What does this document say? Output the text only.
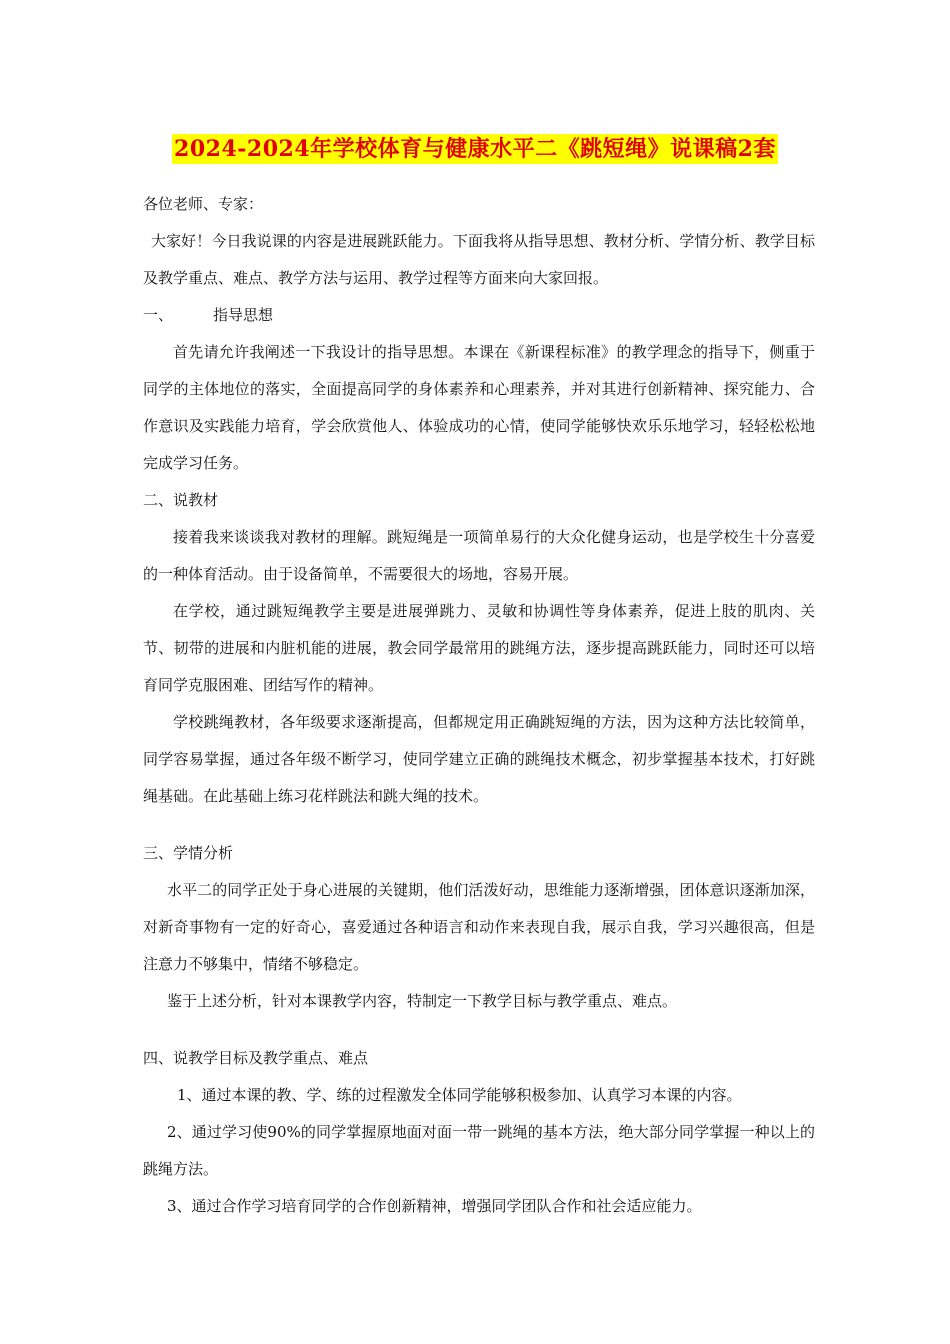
2024-2024年学校体育与健康水平二《跳短绳》说课稿2套

各位老师、专家：

大家好！今日我说课的内容是进展跳跃能力。下面我将从指导思想、教材分析、学情分析、教学目标及教学重点、难点、教学方法与运用、教学过程等方面来向大家回报。

一、	指导思想

首先请允许我阐述一下我设计的指导思想。本课在《新课程标准》的教学理念的指导下，侧重于同学的主体地位的落实，全面提高同学的身体素养和心理素养，并对其进行创新精神、探究能力、合作意识及实践能力培育，学会欣赏他人、体验成功的心情，使同学能够快欢乐乐地学习，轻轻松松地完成学习任务。

二、说教材

接着我来谈谈我对教材的理解。跳短绳是一项简单易行的大众化健身运动，也是学校生十分喜爱的一种体育活动。由于设备简单，不需要很大的场地，容易开展。

在学校，通过跳短绳教学主要是进展弹跳力、灵敏和协调性等身体素养，促进上肢的肌肉、关节、韧带的进展和内脏机能的进展，教会同学最常用的跳绳方法，逐步提高跳跃能力，同时还可以培育同学克服困难、团结写作的精神。

学校跳绳教材，各年级要求逐渐提高，但都规定用正确跳短绳的方法，因为这种方法比较简单，同学容易掌握，通过各年级不断学习，使同学建立正确的跳绳技术概念，初步掌握基本技术，打好跳绳基础。在此基础上练习花样跳法和跳大绳的技术。

三、学情分析

水平二的同学正处于身心进展的关键期，他们活泼好动，思维能力逐渐增强，团体意识逐渐加深，对新奇事物有一定的好奇心，喜爱通过各种语言和动作来表现自我，展示自我，学习兴趣很高，但是注意力不够集中，情绪不够稳定。

鉴于上述分析，针对本课教学内容，特制定一下教学目标与教学重点、难点。

四、说教学目标及教学重点、难点

1、通过本课的教、学、练的过程激发全体同学能够积极参加、认真学习本课的内容。

2、通过学习使90%的同学掌握原地面对面一带一跳绳的基本方法，绝大部分同学掌握一种以上的跳绳方法。

3、通过合作学习培育同学的合作创新精神，增强同学团队合作和社会适应能力。
